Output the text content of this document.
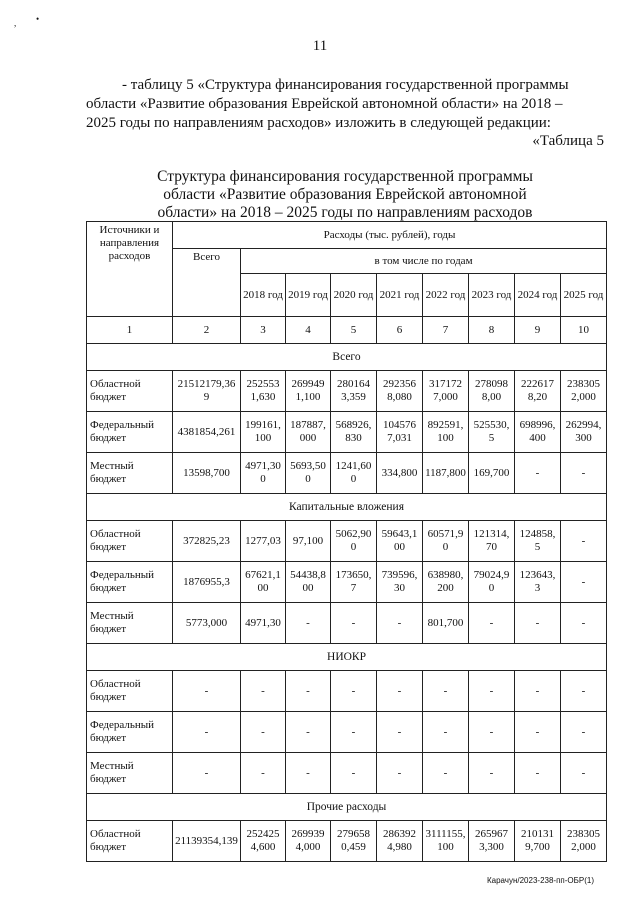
, •
11
- таблицу 5 «Структура финансирования государственной программы
области «Развитие образования Еврейской автономной области» на 2018 –
2025 годы по направлениям расходов» изложить в следующей редакции:
«Таблица 5
Структура финансирования государственной программы
области «Развитие образования Еврейской автономной
области» на 2018 – 2025 годы по направлениям расходов
Источники и направления расходов	Расходы (тыс. рублей), годы								
	Всего	в том числе по годам							
		2018 год	2019 год	2020 год	2021 год	2022 год	2023 год	2024 год	2025 год
1	2	3	4	5	6	7	8	9	10
Всего									
Областной бюджет	21512179,369	2525531,630	2699491,100	2801643,359	2923568,080	3171727,000	2780988,00	2226178,20	2383052,000
Федеральный бюджет	4381854,261	199161,100	187887,000	568926,830	1045767,031	892591,100	525530,5	698996,400	262994,300
Местный бюджет	13598,700	4971,300	5693,500	1241,600	334,800	1187,800	169,700	-	-
Капитальные вложения									
Областной бюджет	372825,23	1277,03	97,100	5062,900	59643,100	60571,90	121314,70	124858,5	-
Федеральный бюджет	1876955,3	67621,100	54438,800	173650,7	739596,30	638980,200	79024,90	123643,3	-
Местный бюджет	5773,000	4971,30	-	-	-	801,700	-	-	-
НИОКР									
Областной бюджет	-	-	-	-	-	-	-	-	-
Федеральный бюджет	-	-	-	-	-	-	-	-	-
Местный бюджет	-	-	-	-	-	-	-	-	-
Прочие расходы									
Областной бюджет	21139354,139	2524254,600	2699394,000	2796580,459	2863924,980	3111155,100	2659673,300	2101319,700	2383052,000
Карачун/2023-238-пп-ОБР(1)
